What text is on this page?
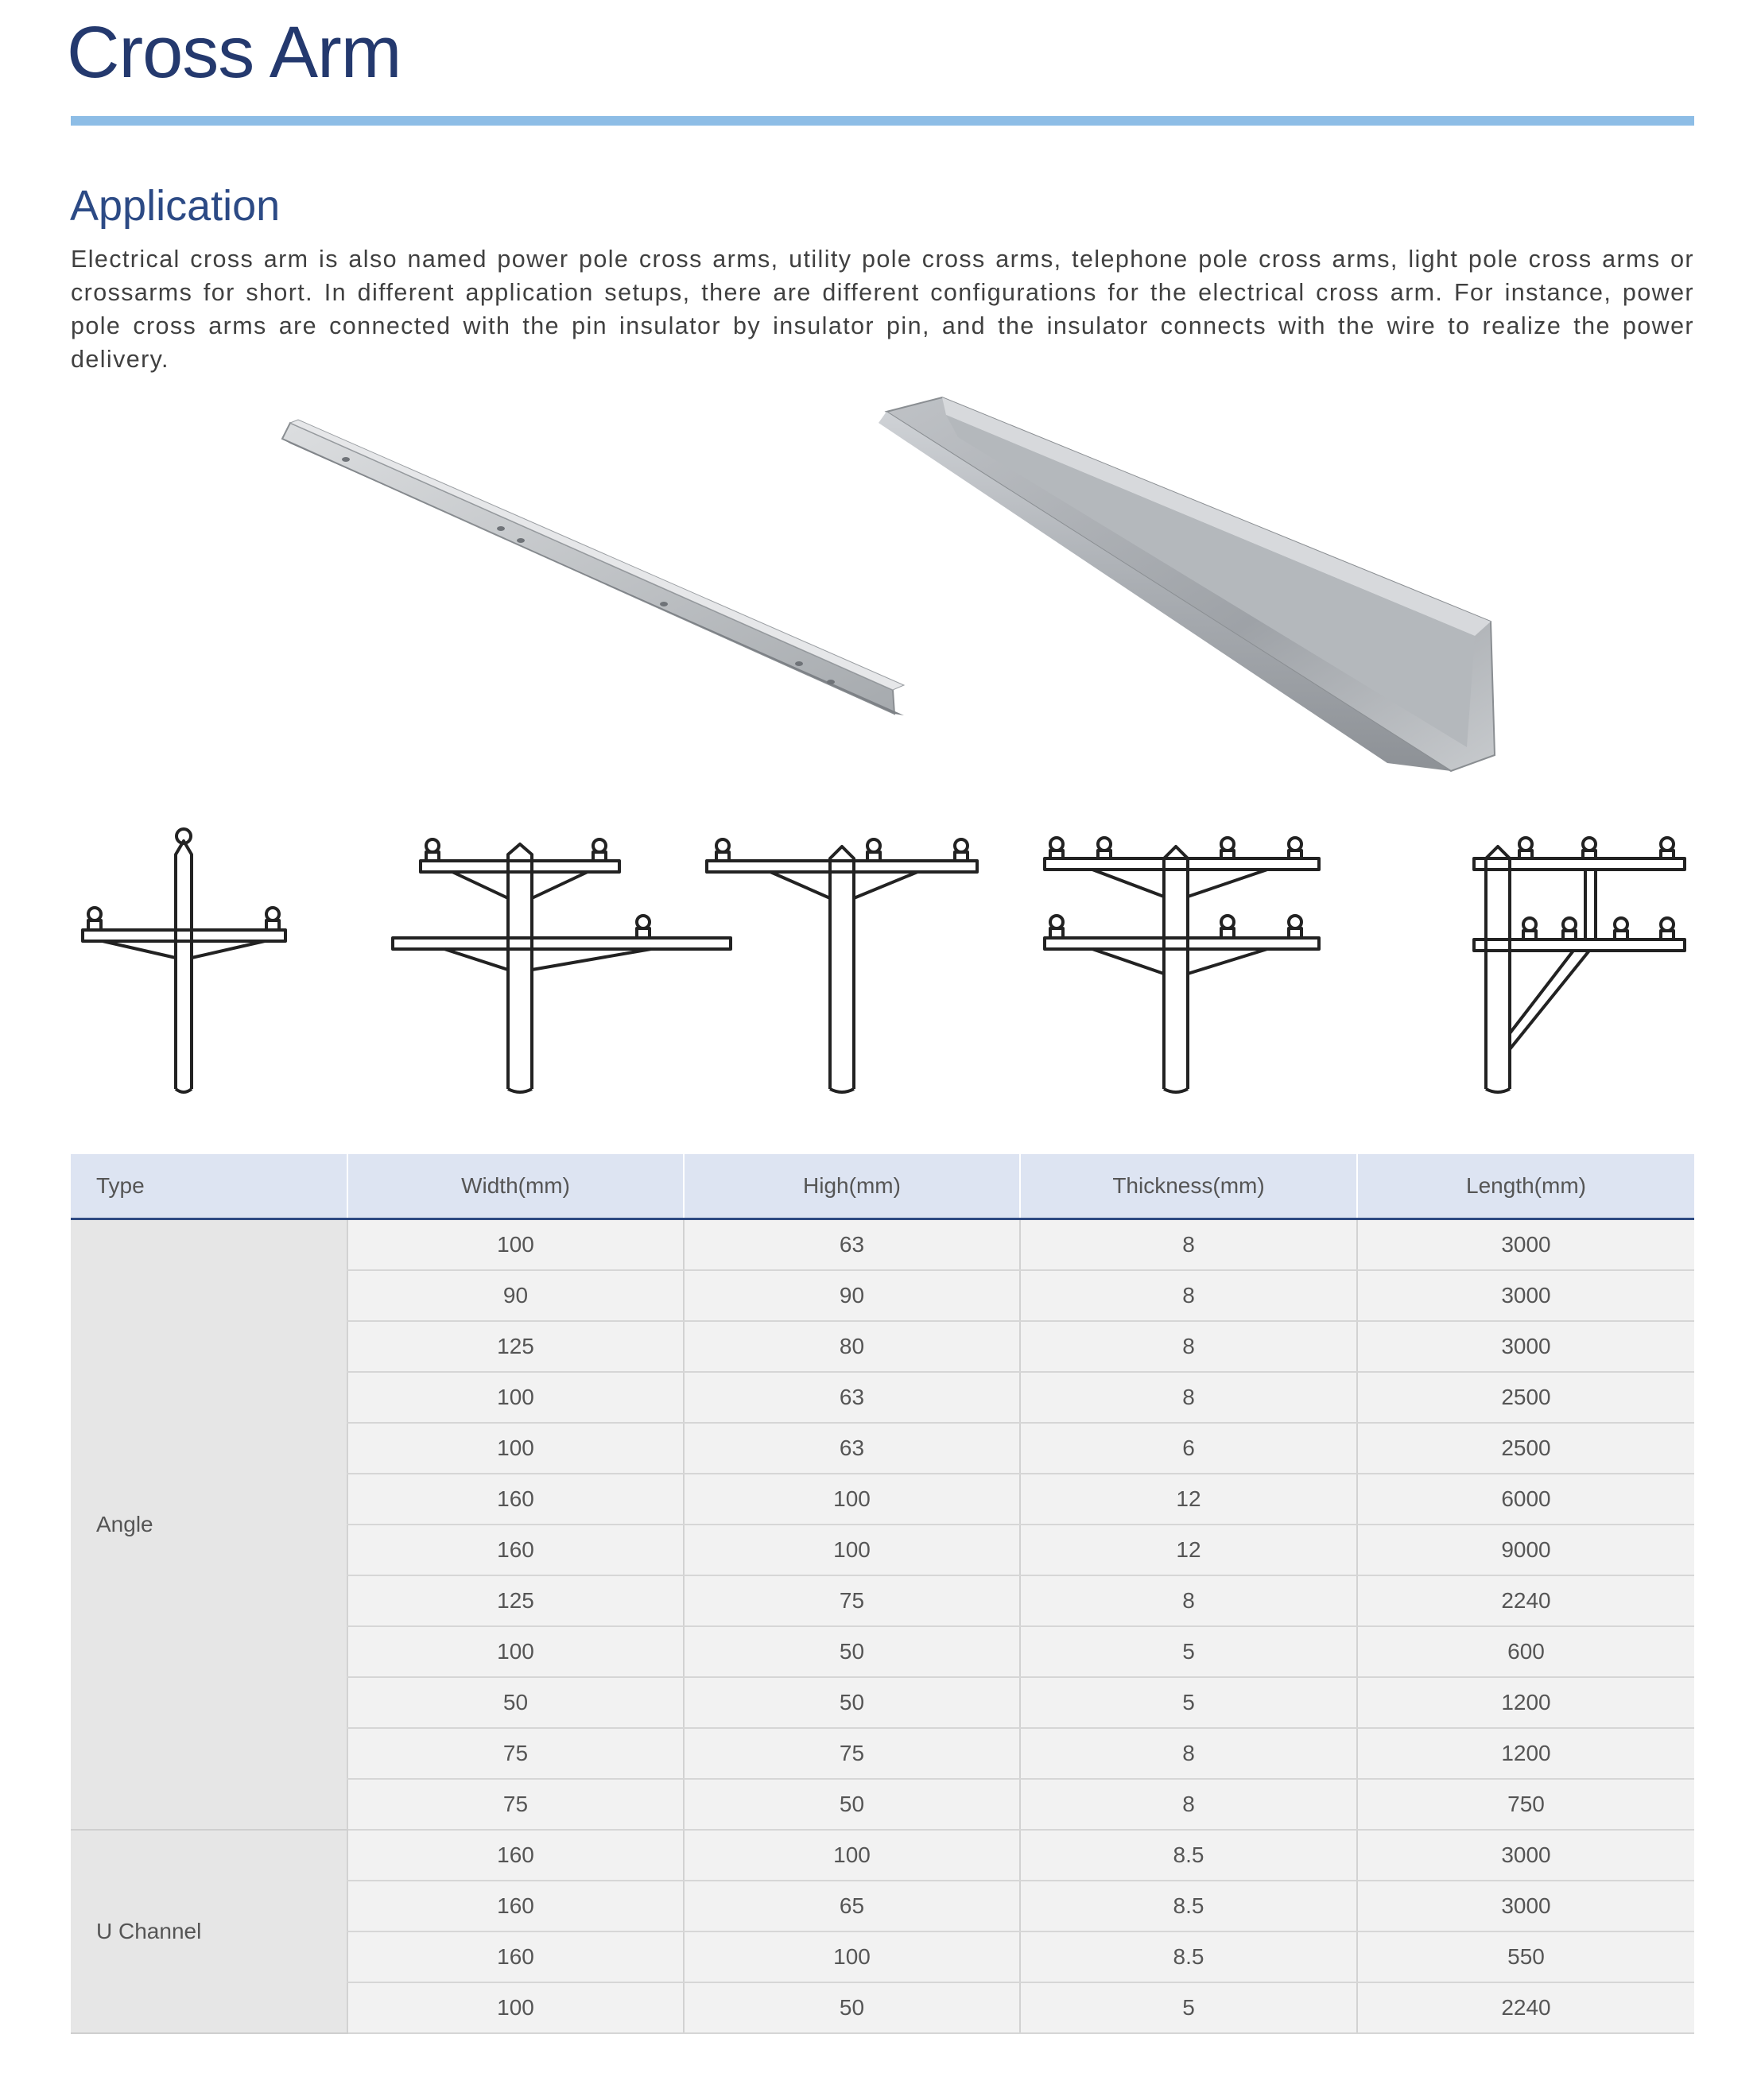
Cross Arm
Application

Electrical cross arm is also named power pole cross arms, utility pole cross arms, telephone pole cross arms, light pole cross arms or crossarms for short. In different application setups, there are different configurations for the electrical cross arm. For instance, power pole cross arms are connected with the pin insulator by insulator pin, and the insulator connects with the wire to realize the power delivery.

Type	Width(mm)	High(mm)	Thickness(mm)	Length(mm)
Angle	100	63	8	3000
	90	90	8	3000
	125	80	8	3000
	100	63	8	2500
	100	63	6	2500
	160	100	12	6000
	160	100	12	9000
	125	75	8	2240
	100	50	5	600
	50	50	5	1200
	75	75	8	1200
	75	50	8	750
U Channel	160	100	8.5	3000
	160	65	8.5	3000
	160	100	8.5	550
	100	50	5	2240
